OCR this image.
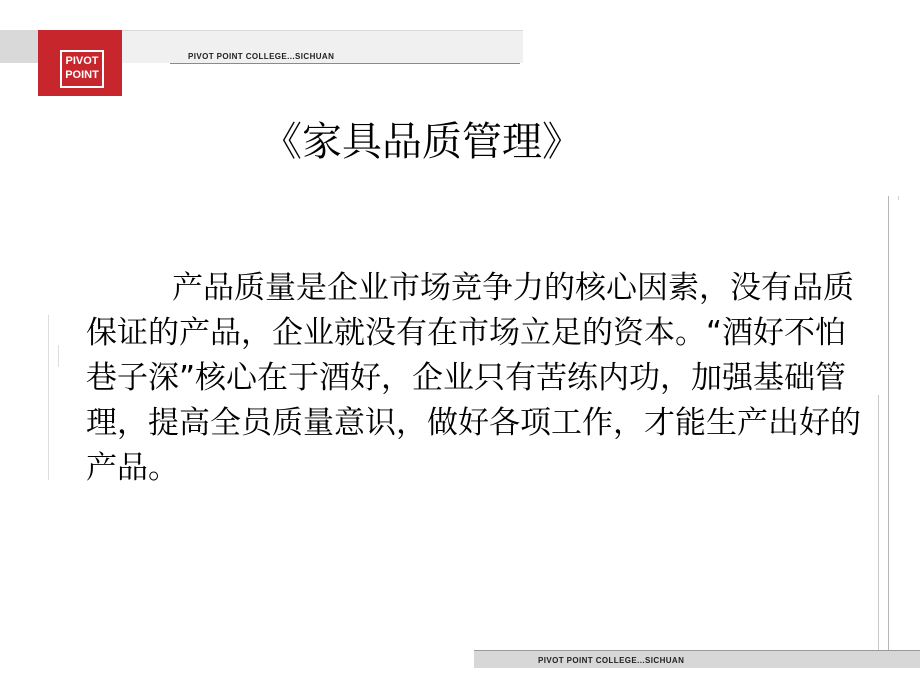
PIVOT POINT COLLEGE...SICHUAN
PIVOT
POINT
《家具品质管理》
产品质量是企业市场竞争力的核心因素，没有品质保证的产品，企业就没有在市场立足的资本。“酒好不怕巷子深”核心在于酒好，企业只有苦练内功，加强基础管理，提高全员质量意识，做好各项工作，才能生产出好的产品。
PIVOT POINT COLLEGE...SICHUAN
